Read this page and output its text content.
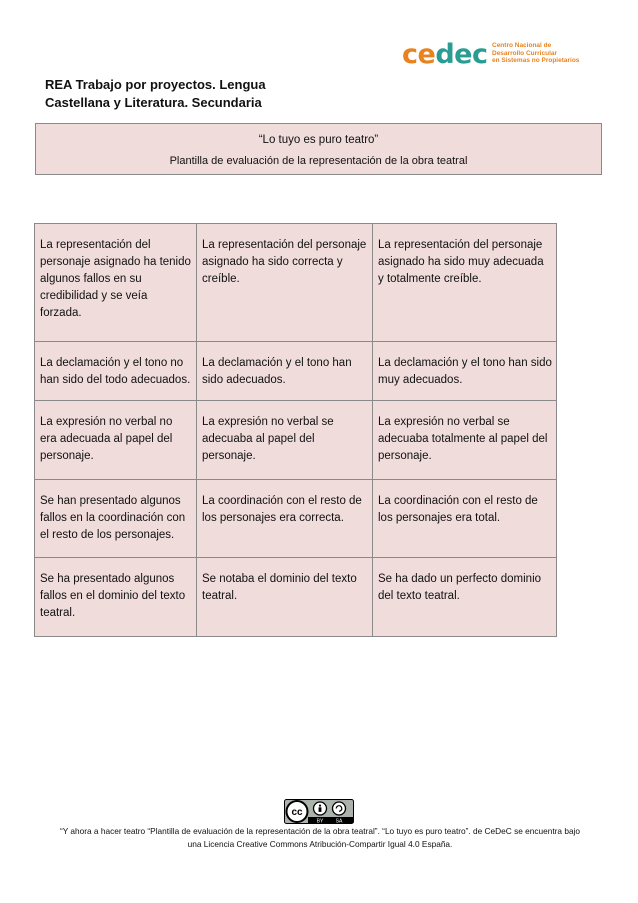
cedec Centro Nacional de
Desarrollo Curricular
en Sistemas no Propietarios
REA Trabajo por proyectos. Lengua
Castellana y Literatura. Secundaria
“Lo tuyo es puro teatro”
Plantilla de evaluación de la representación de la obra teatral
La representación del personaje asignado ha tenido algunos fallos en su credibilidad y se veía forzada.	La representación del personaje asignado ha sido correcta y creíble.	La representación del personaje asignado ha sido muy adecuada y totalmente creíble.
La declamación y el tono no han sido del todo adecuados.	La declamación y el tono han sido adecuados.	La declamación y el tono han sido muy adecuados.
La expresión no verbal no era adecuada al papel del personaje.	La expresión no verbal se adecuaba al papel del personaje.	La expresión no verbal se adecuaba totalmente al papel del personaje.
Se han presentado algunos fallos en la coordinación con el resto de los personajes.	La coordinación con el resto de los personajes era correcta.	La coordinación con el resto de los personajes era total.
Se ha presentado algunos fallos en el dominio del texto teatral.	Se notaba el dominio del texto teatral.	Se ha dado un perfecto dominio del texto teatral.
cc
BY SA
“Y ahora a hacer teatro “Plantilla de evaluación de la representación de la obra teatral”. “Lo tuyo es puro teatro”. de CeDeC se encuentra bajo
una Licencia Creative Commons Atribución-Compartir Igual 4.0 España.
